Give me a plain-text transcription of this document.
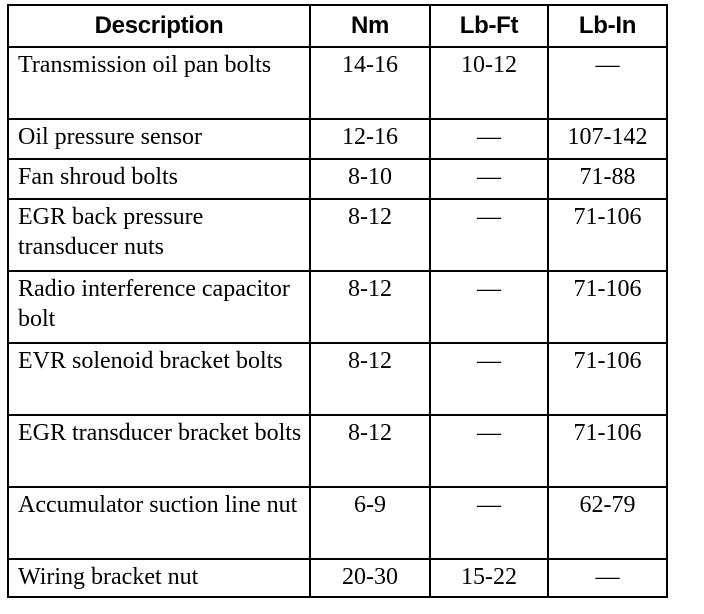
Description	Nm	Lb-Ft	Lb-In
Transmission oil pan bolts	14-16	10-12	—
Oil pressure sensor	12-16	—	107-142
Fan shroud bolts	8-10	—	71-88
EGR back pressure transducer nuts	8-12	—	71-106
Radio interference capacitor bolt	8-12	—	71-106
EVR solenoid bracket bolts	8-12	—	71-106
EGR transducer bracket bolts	8-12	—	71-106
Accumulator suction line nut	6-9	—	62-79
Wiring bracket nut	20-30	15-22	—
